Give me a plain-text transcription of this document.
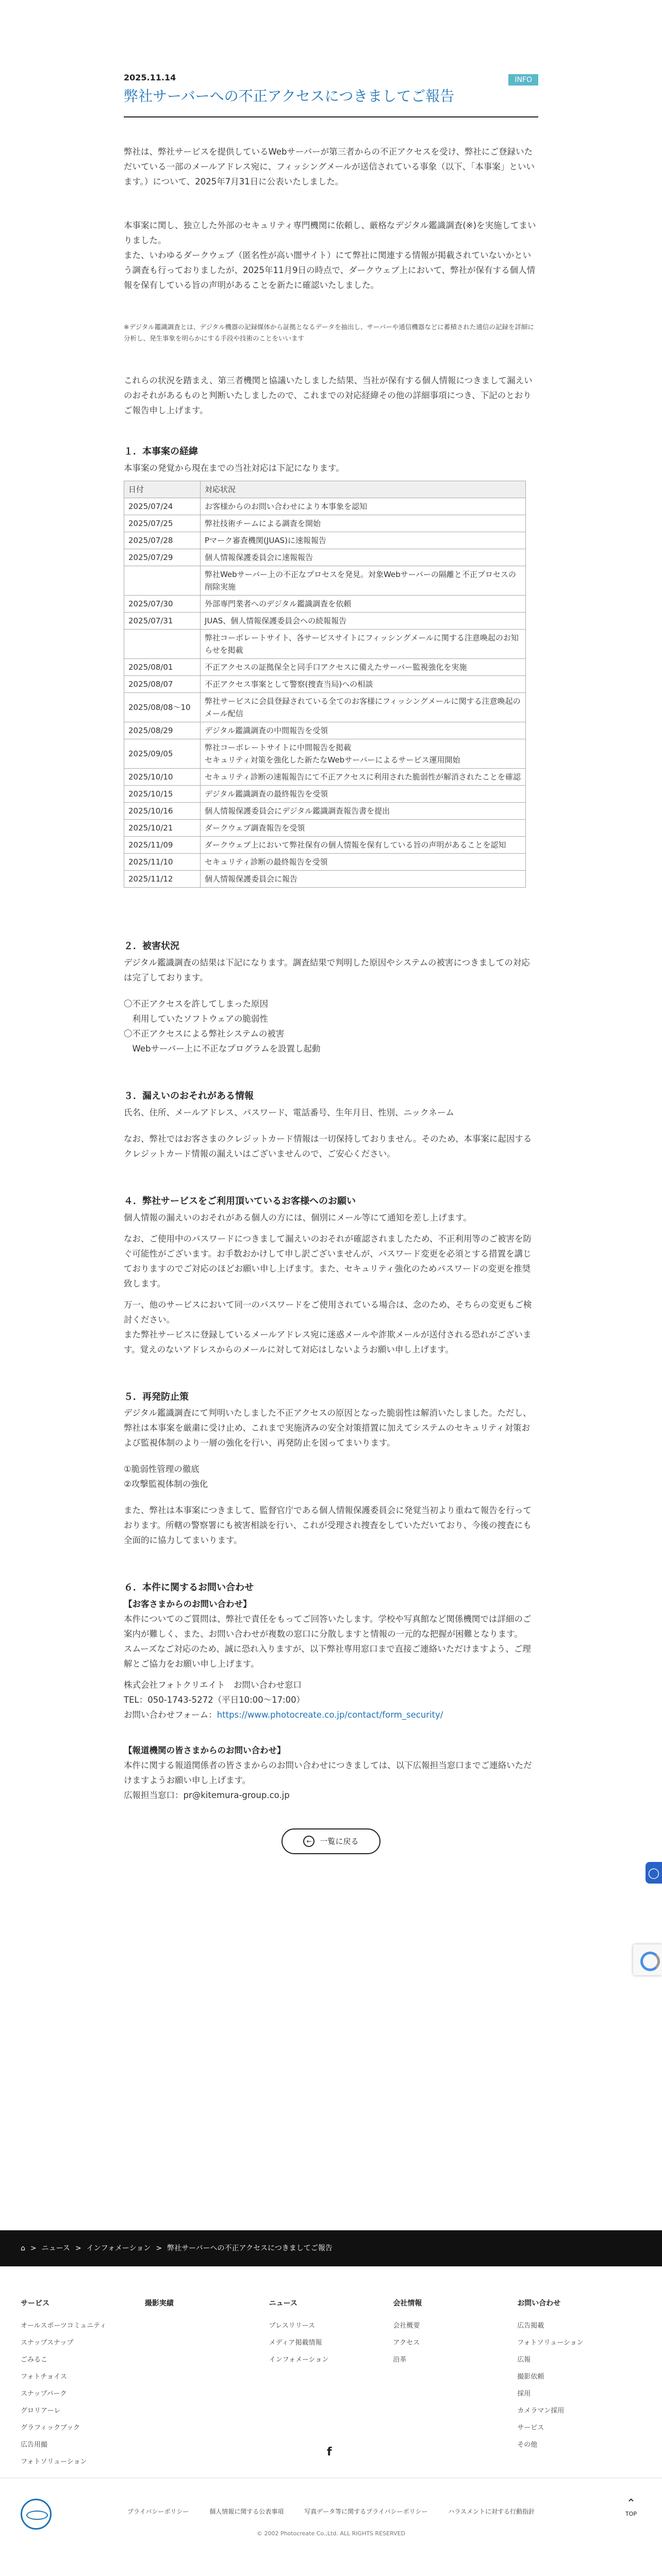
2025.11.14	INFO
弊社サーバーへの不正アクセスにつきましてご報告

弊社は、弊社サービスを提供しているWebサーバーが第三者からの不正アクセスを受け、弊社にご登録いただいている一部のメールアドレス宛に、フィッシングメールが送信されている事象（以下、「本事案」といいます。）について、2025年7月31日に公表いたしました。

本事案に関し、独立した外部のセキュリティ専門機関に依頼し、厳格なデジタル鑑識調査(※)を実施してまいりました。

また、いわゆるダークウェブ（匿名性が高い闇サイト）にて弊社に関連する情報が掲載されていないかという調査も行っておりましたが、2025年11月9日の時点で、ダークウェブ上において、弊社が保有する個人情報を保有している旨の声明があることを新たに確認いたしました。

※デジタル鑑識調査とは、デジタル機器の記録媒体から証拠となるデータを抽出し、サーバーや通信機器などに蓄積された通信の記録を詳細に分析し、発生事象を明らかにする手段や技術のことをいいます

これらの状況を踏まえ、第三者機関と協議いたしました結果、当社が保有する個人情報につきまして漏えいのおそれがあるものと判断いたしましたので、これまでの対応経緯その他の詳細事項につき、下記のとおりご報告申し上げます。

１．本事案の経緯

本事案の発覚から現在までの当社対応は下記になります。

日付	対応状況
2025/07/24	お客様からのお問い合わせにより本事象を認知
2025/07/25	弊社技術チームによる調査を開始
2025/07/28	Pマーク審査機関(JUAS)に速報報告
2025/07/29	個人情報保護委員会に速報報告
	弊社Webサーバー上の不正なプロセスを発見。対象Webサーバーの隔離と不正プロセスの削除実施
2025/07/30	外部専門業者へのデジタル鑑識調査を依頼
2025/07/31	JUAS、個人情報保護委員会への続報報告
	弊社コーポレートサイト、各サービスサイトにフィッシングメールに関する注意喚起のお知らせを掲載
2025/08/01	不正アクセスの証拠保全と同手口アクセスに備えたサーバー監視強化を実施
2025/08/07	不正アクセス事案として警察(捜査当局)への相談
2025/08/08〜10	弊社サービスに会員登録されている全てのお客様にフィッシングメールに関する注意喚起のメール配信
2025/08/29	デジタル鑑識調査の中間報告を受領
2025/09/05	弊社コーポレートサイトに中間報告を掲載
セキュリティ対策を強化した新たなWebサーバーによるサービス運用開始
2025/10/10	セキュリティ診断の速報報告にて不正アクセスに利用された脆弱性が解消されたことを確認
2025/10/15	デジタル鑑識調査の最終報告を受領
2025/10/16	個人情報保護委員会にデジタル鑑識調査報告書を提出
2025/10/21	ダークウェブ調査報告を受領
2025/11/09	ダークウェブ上において弊社保有の個人情報を保有している旨の声明があることを認知
2025/11/10	セキュリティ診断の最終報告を受領
2025/11/12	個人情報保護委員会に報告
２．被害状況

デジタル鑑識調査の結果は下記になります。調査結果で判明した原因やシステムの被害につきましての対応は完了しております。

〇不正アクセスを許してしまった原因

　利用していたソフトウェアの脆弱性

〇不正アクセスによる弊社システムの被害

　Webサーバー上に不正なプログラムを設置し起動

３．漏えいのおそれがある情報

氏名、住所、メールアドレス、パスワード、電話番号、生年月日、性別、ニックネーム

なお、弊社ではお客さまのクレジットカード情報は一切保持しておりません。そのため、本事案に起因するクレジットカード情報の漏えいはございませんので、ご安心ください。

４．弊社サービスをご利用頂いているお客様へのお願い

個人情報の漏えいのおそれがある個人の方には、個別にメール等にて通知を差し上げます。

なお、ご使用中のパスワードにつきまして漏えいのおそれが確認されましたため、不正利用等のご被害を防ぐ可能性がございます。お手数おかけして申し訳ございませんが、パスワード変更を必須とする措置を講じておりますのでご対応のほどお願い申し上げます。また、セキュリティ強化のためパスワードの変更を推奨致します。

万一、他のサービスにおいて同一のパスワードをご使用されている場合は、念のため、そちらの変更もご検討ください。

また弊社サービスに登録しているメールアドレス宛に迷惑メールや詐欺メールが送付される恐れがございます。覚えのないアドレスからのメールに対して対応はしないようお願い申し上げます。

５．再発防止策

デジタル鑑識調査にて判明いたしました不正アクセスの原因となった脆弱性は解消いたしました。ただし、弊社は本事案を厳粛に受け止め、これまで実施済みの安全対策措置に加えてシステムのセキュリティ対策および監視体制のより一層の強化を行い、再発防止を図ってまいります。

①脆弱性管理の徹底

②攻撃監視体制の強化

また、弊社は本事案につきまして、監督官庁である個人情報保護委員会に発覚当初より重ねて報告を行っております。所轄の警察署にも被害相談を行い、これが受理され捜査をしていただいており、今後の捜査にも全面的に協力してまいります。

６．本件に関するお問い合わせ

【お客さまからのお問い合わせ】

本件についてのご質問は、弊社で責任をもってご回答いたします。学校や写真館など関係機関では詳細のご案内が難しく、また、お問い合わせが複数の窓口に分散しますと情報の一元的な把握が困難となります。

スムーズなご対応のため、誠に恐れ入りますが、以下弊社専用窓口まで直接ご連絡いただけますよう、ご理解とご協力をお願い申し上げます。

株式会社フォトクリエイト　お問い合わせ窓口

TEL：050-1743-5272（平日10:00〜17:00）

お問い合わせフォーム：https://www.photocreate.co.jp/contact/form_security/

【報道機関の皆さまからのお問い合わせ】

本件に関する報道関係者の皆さまからのお問い合わせにつきましては、以下広報担当窓口までご連絡いただけますようお願い申し上げます。

広報担当窓口：pr@kitemura-group.co.jp

←	一覧に戻る
⌂ > ニュース > インフォメーション > 弊社サーバーへの不正アクセスにつきましてご報告
サービス
オールスポーツコミュニティ
スナップスナップ
ごみるこ
フォトチョイス
スナップパーク
グロリアーレ
グラフィックブック
広告用撮
フォトソリューション
撮影実績	ニュース
プレスリリース
メディア掲載情報
インフォメーション
会社情報
会社概要
アクセス
沿革
お問い合わせ
広告掲載
フォトソリューション
広報
撮影依頼
採用
カメラマン採用
サービス
その他
f
プライバシーポリシー	個人情報に関する公表事項	写真データ等に関するプライバシーポリシー	ハラスメントに対する行動指針
© 2002 Photocreate Co.,Ltd. ALL RIGHTS RESERVED
⌃
TOP
◯
